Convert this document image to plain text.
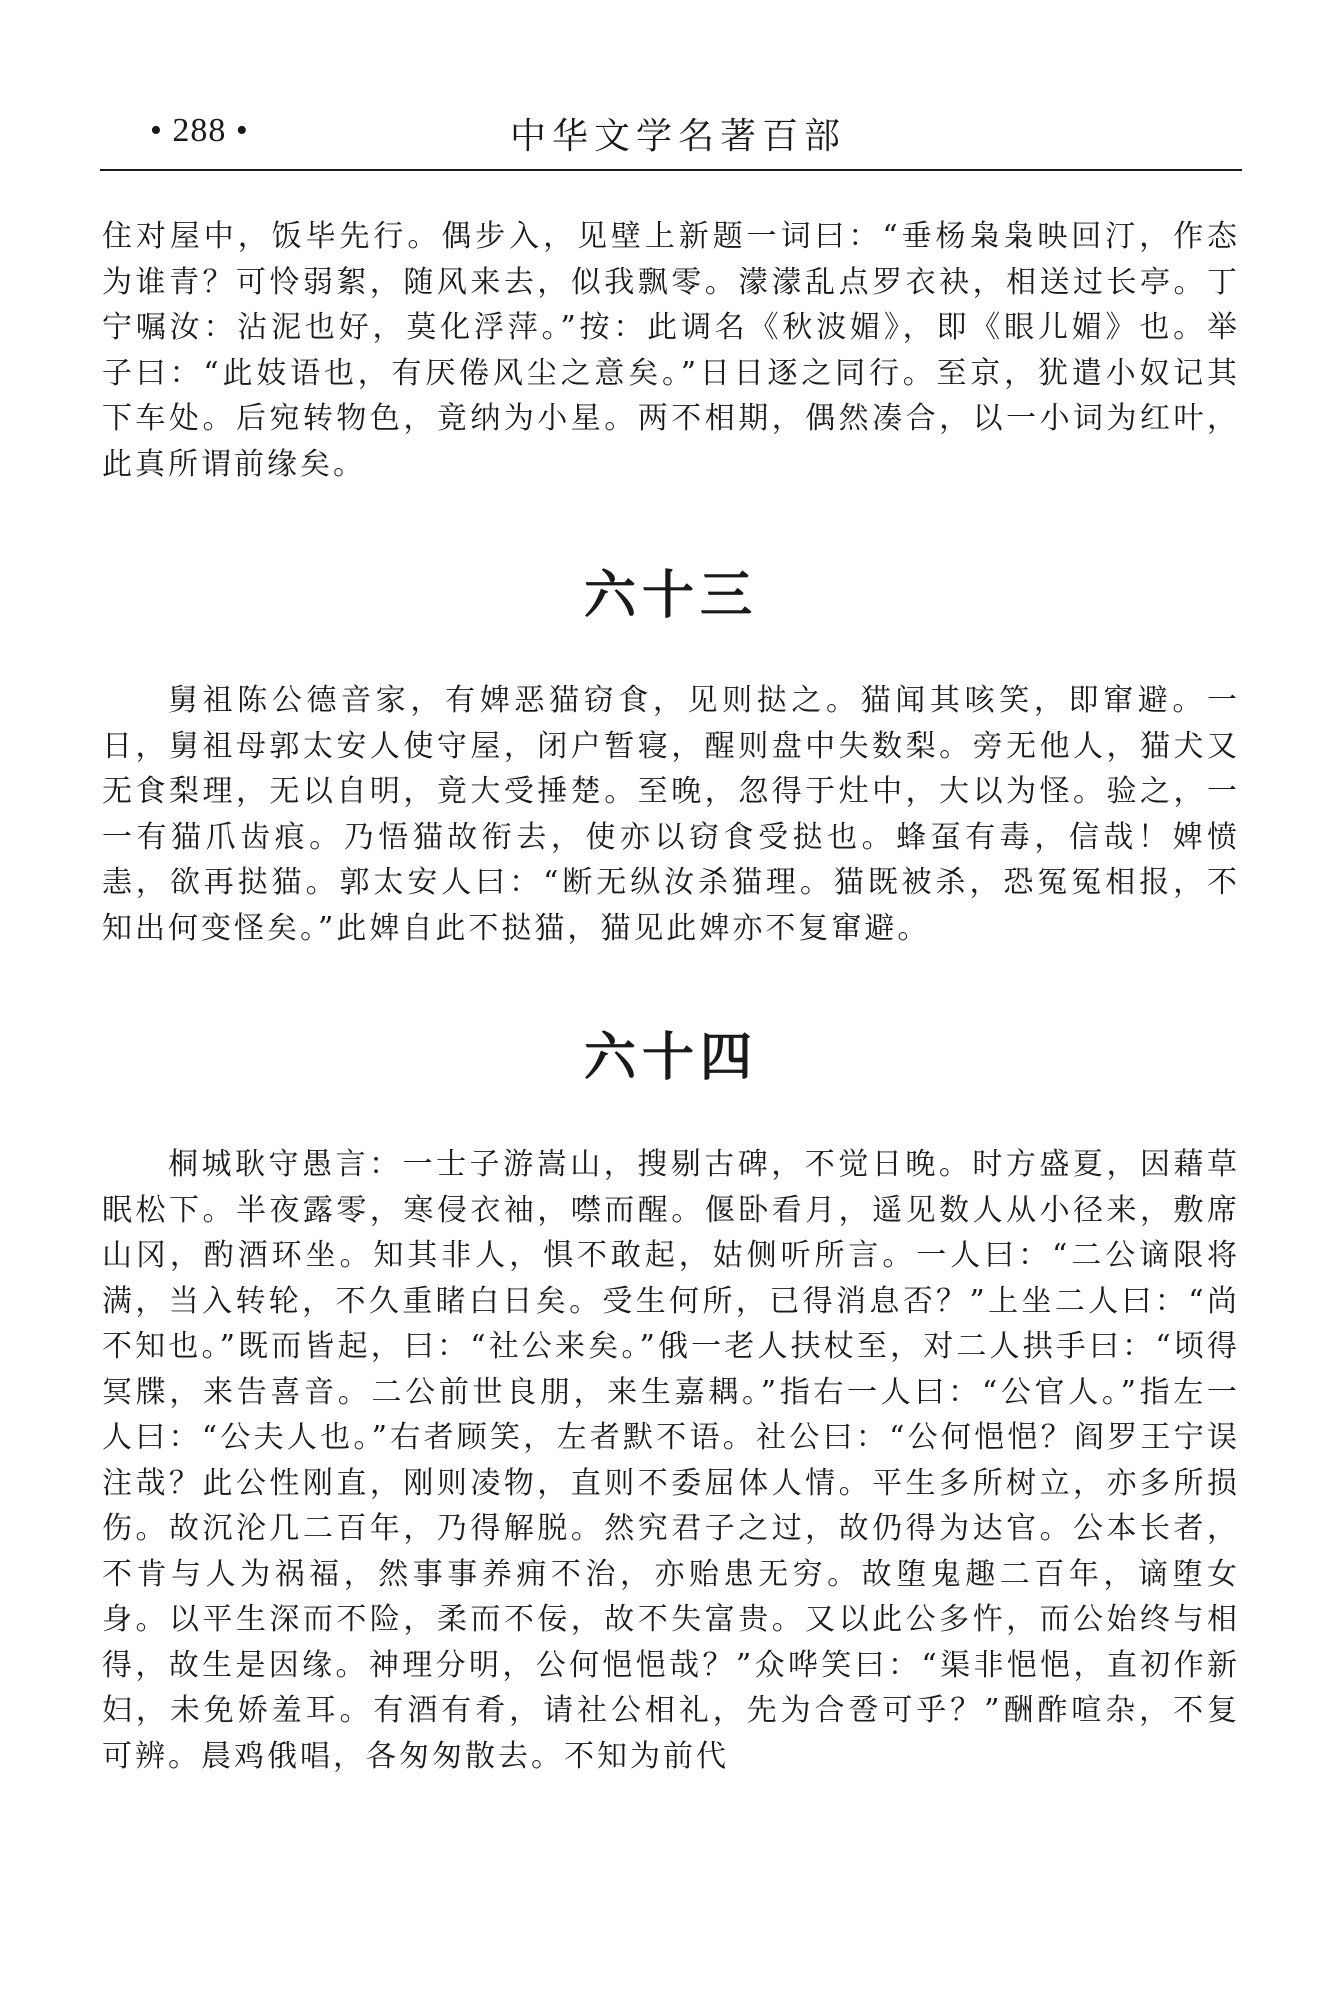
• 288 •	中华文学名著百部

住对屋中，饭毕先行。偶步入，见壁上新题一词曰：“垂杨枭枭映回汀，作态为谁青？可怜弱絮，随风来去，似我飘零。濛濛乱点罗衣袂，相送过长亭。丁宁嘱汝：沾泥也好，莫化浮萍。”按：此调名《秋波媚》，即《眼儿媚》也。举子曰：“此妓语也，有厌倦风尘之意矣。”日日逐之同行。至京，犹遣小奴记其下车处。后宛转物色，竟纳为小星。两不相期，偶然凑合，以一小词为红叶，此真所谓前缘矣。

六十三

舅祖陈公德音家，有婢恶猫窃食，见则挞之。猫闻其咳笑，即窜避。一日，舅祖母郭太安人使守屋，闭户暂寝，醒则盘中失数梨。旁无他人，猫犬又无食梨理，无以自明，竟大受捶楚。至晚，忽得于灶中，大以为怪。验之，一一有猫爪齿痕。乃悟猫故衔去，使亦以窃食受挞也。蜂虿有毒，信哉！婢愤恚，欲再挞猫。郭太安人曰：“断无纵汝杀猫理。猫既被杀，恐冤冤相报，不知出何变怪矣。”此婢自此不挞猫，猫见此婢亦不复窜避。

六十四

桐城耿守愚言：一士子游嵩山，搜剔古碑，不觉日晚。时方盛夏，因藉草眠松下。半夜露零，寒侵衣袖，噤而醒。偃卧看月，遥见数人从小径来，敷席山冈，酌酒环坐。知其非人，惧不敢起，姑侧听所言。一人曰：“二公谪限将满，当入转轮，不久重睹白日矣。受生何所，已得消息否？”上坐二人曰：“尚不知也。”既而皆起，曰：“社公来矣。”俄一老人扶杖至，对二人拱手曰：“顷得冥牒，来告喜音。二公前世良朋，来生嘉耦。”指右一人曰：“公官人。”指左一人曰：“公夫人也。”右者顾笑，左者默不语。社公曰：“公何悒悒？阎罗王宁误注哉？此公性刚直，刚则凌物，直则不委屈体人情。平生多所树立，亦多所损伤。故沉沦几二百年，乃得解脱。然究君子之过，故仍得为达官。公本长者，不肯与人为祸福，然事事养痈不治，亦贻患无穷。故堕鬼趣二百年，谪堕女身。以平生深而不险，柔而不佞，故不失富贵。又以此公多忤，而公始终与相得，故生是因缘。神理分明，公何悒悒哉？”众哗笑曰：“渠非悒悒，直初作新妇，未免娇羞耳。有酒有肴，请社公相礼，先为合卺可乎？”酬酢喧杂，不复可辨。晨鸡俄唱，各匆匆散去。不知为前代
